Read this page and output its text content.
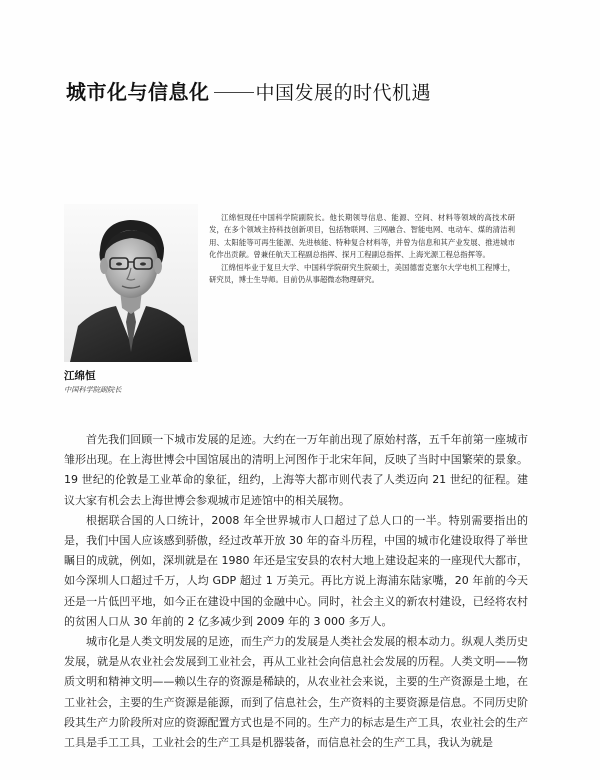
城市化与信息化 中国发展的时代机遇

江绵恒现任中国科学院副院长。他长期领导信息、能源、空间、材料等领域的高技术研发，在多个领域主持科技创新项目，包括物联网、三网融合、智能电网、电动车、煤的清洁利用、太阳能等可再生能源、先进核能、特种复合材料等，并曾为信息和其产业发展、推进城市化作出贡献。曾兼任航天工程副总指挥、探月工程副总指挥、上海光源工程总指挥等。

江绵恒毕业于复旦大学、中国科学院研究生院硕士，美国德雷克塞尔大学电机工程博士，研究员，博士生导师。目前仍从事超微态物理研究。

江绵恒
中国科学院副院长

首先我们回顾一下城市发展的足迹。大约在一万年前出现了原始村落，五千年前第一座城市雏形出现。在上海世博会中国馆展出的清明上河图作于北宋年间，反映了当时中国繁荣的景象。19 世纪的伦敦是工业革命的象征，纽约，上海等大都市则代表了人类迈向 21 世纪的征程。建议大家有机会去上海世博会参观城市足迹馆中的相关展物。

根据联合国的人口统计，2008 年全世界城市人口超过了总人口的一半。特别需要指出的是，我们中国人应该感到骄傲，经过改革开放 30 年的奋斗历程，中国的城市化建设取得了举世瞩目的成就，例如，深圳就是在 1980 年还是宝安县的农村大地上建设起来的一座现代大都市，如今深圳人口超过千万，人均 GDP 超过 1 万美元。再比方说上海浦东陆家嘴，20 年前的今天还是一片低凹平地，如今正在建设中国的金融中心。同时，社会主义的新农村建设，已经将农村的贫困人口从 30 年前的 2 亿多减少到 2009 年的 3 000 多万人。

城市化是人类文明发展的足迹，而生产力的发展是人类社会发展的根本动力。纵观人类历史发展，就是从农业社会发展到工业社会，再从工业社会向信息社会发展的历程。人类文明——物质文明和精神文明——赖以生存的资源是稀缺的，从农业社会来说，主要的生产资源是土地，在工业社会，主要的生产资源是能源，而到了信息社会，生产资料的主要资源是信息。不同历史阶段其生产力阶段所对应的资源配置方式也是不同的。生产力的标志是生产工具，农业社会的生产工具是手工工具，工业社会的生产工具是机器装备，而信息社会的生产工具，我认为就是
